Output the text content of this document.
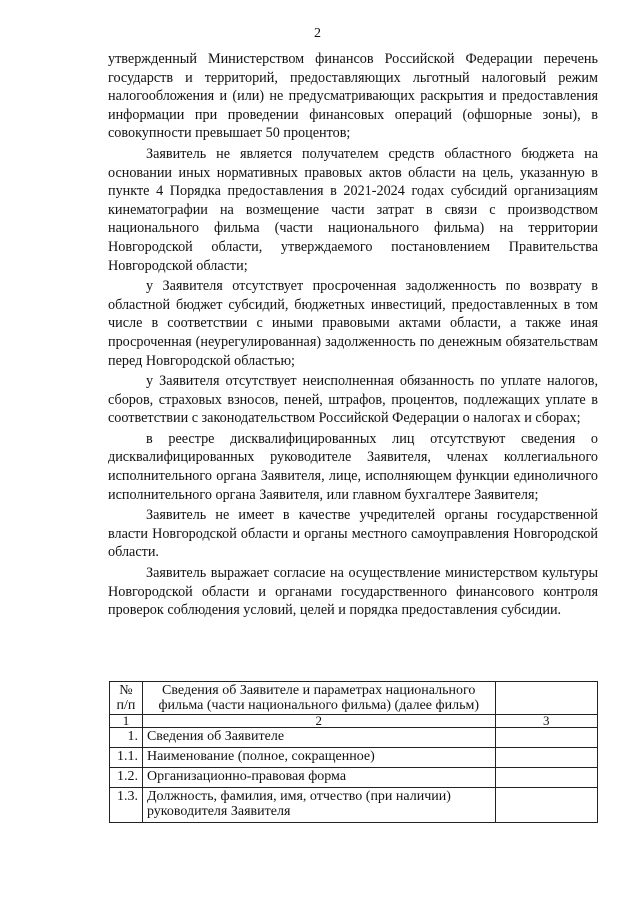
2

утвержденный Министерством финансов Российской Федерации перечень государств и территорий, предоставляющих льготный налоговый режим налогообложения и (или) не предусматривающих раскрытия и предоставления информации при проведении финансовых операций (офшорные зоны), в совокупности превышает 50 процентов;

Заявитель не является получателем средств областного бюджета на основании иных нормативных правовых актов области на цель, указанную в пункте 4 Порядка предоставления в 2021-2024 годах субсидий организациям кинематографии на возмещение части затрат в связи с производством национального фильма (части национального фильма) на территории Новгородской области, утверждаемого постановлением Правительства Новгородской области;

у Заявителя отсутствует просроченная задолженность по возврату в областной бюджет субсидий, бюджетных инвестиций, предоставленных в том числе в соответствии с иными правовыми актами области, а также иная просроченная (неурегулированная) задолженность по денежным обязательствам перед Новгородской областью;

у Заявителя отсутствует неисполненная обязанность по уплате налогов, сборов, страховых взносов, пеней, штрафов, процентов, подлежащих уплате в соответствии с законодательством Российской Федерации о налогах и сборах;

в реестре дисквалифицированных лиц отсутствуют сведения о дисквалифицированных руководителе Заявителя, членах коллегиального исполнительного органа Заявителя, лице, исполняющем функции единоличного исполнительного органа Заявителя, или главном бухгалтере Заявителя;

Заявитель не имеет в качестве учредителей органы государственной власти Новгородской области и органы местного самоуправления Новгородской области.

Заявитель выражает согласие на осуществление министерством культуры Новгородской области и органами государственного финансового контроля проверок соблюдения условий, целей и порядка предоставления субсидии.

№ п/п	Сведения об Заявителе и параметрах национального фильма (части национального фильма) (далее фильм)	
1	2	3
1.	Сведения об Заявителе	
1.1.	Наименование (полное, сокращенное)	
1.2.	Организационно-правовая форма	
1.3.	Должность, фамилия, имя, отчество (при наличии) руководителя Заявителя	
